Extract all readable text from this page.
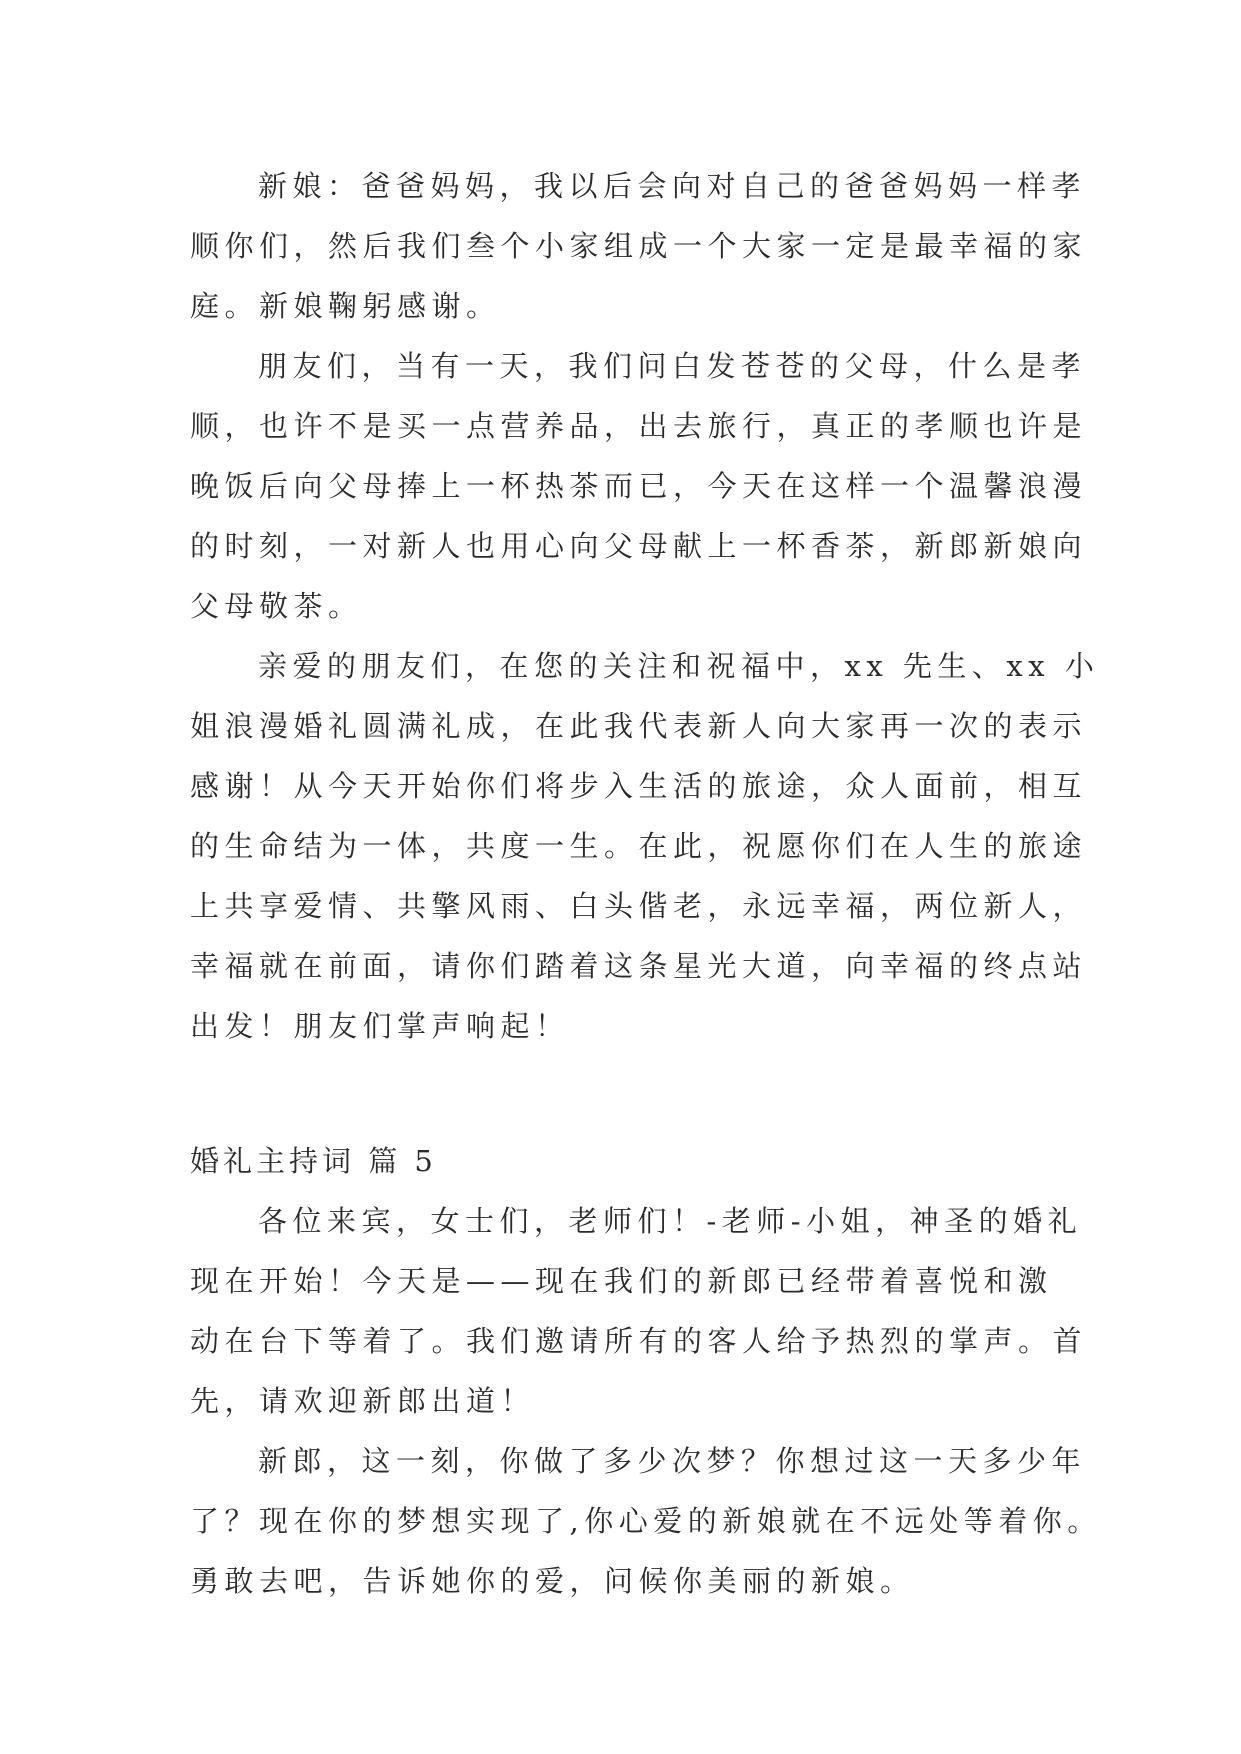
新娘：爸爸妈妈，我以后会向对自己的爸爸妈妈一样孝
顺你们，然后我们叁个小家组成一个大家一定是最幸福的家
庭。新娘鞠躬感谢。
朋友们，当有一天，我们问白发苍苍的父母，什么是孝
顺，也许不是买一点营养品，出去旅行，真正的孝顺也许是
晚饭后向父母捧上一杯热茶而已，今天在这样一个温馨浪漫
的时刻，一对新人也用心向父母献上一杯香茶，新郎新娘向
父母敬茶。
亲爱的朋友们，在您的关注和祝福中，xx 先生、xx 小
姐浪漫婚礼圆满礼成，在此我代表新人向大家再一次的表示
感谢！从今天开始你们将步入生活的旅途，众人面前，相互
的生命结为一体，共度一生。在此，祝愿你们在人生的旅途
上共享爱情、共擎风雨、白头偕老，永远幸福，两位新人，
幸福就在前面，请你们踏着这条星光大道，向幸福的终点站
出发！朋友们掌声响起！
婚礼主持词 篇 5
各位来宾，女士们，老师们！-老师-小姐，神圣的婚礼
现在开始！今天是——现在我们的新郎已经带着喜悦和激
动在台下等着了。我们邀请所有的客人给予热烈的掌声。首
先，请欢迎新郎出道！
新郎，这一刻，你做了多少次梦？你想过这一天多少年
了？现在你的梦想实现了,你心爱的新娘就在不远处等着你。
勇敢去吧，告诉她你的爱，问候你美丽的新娘。
